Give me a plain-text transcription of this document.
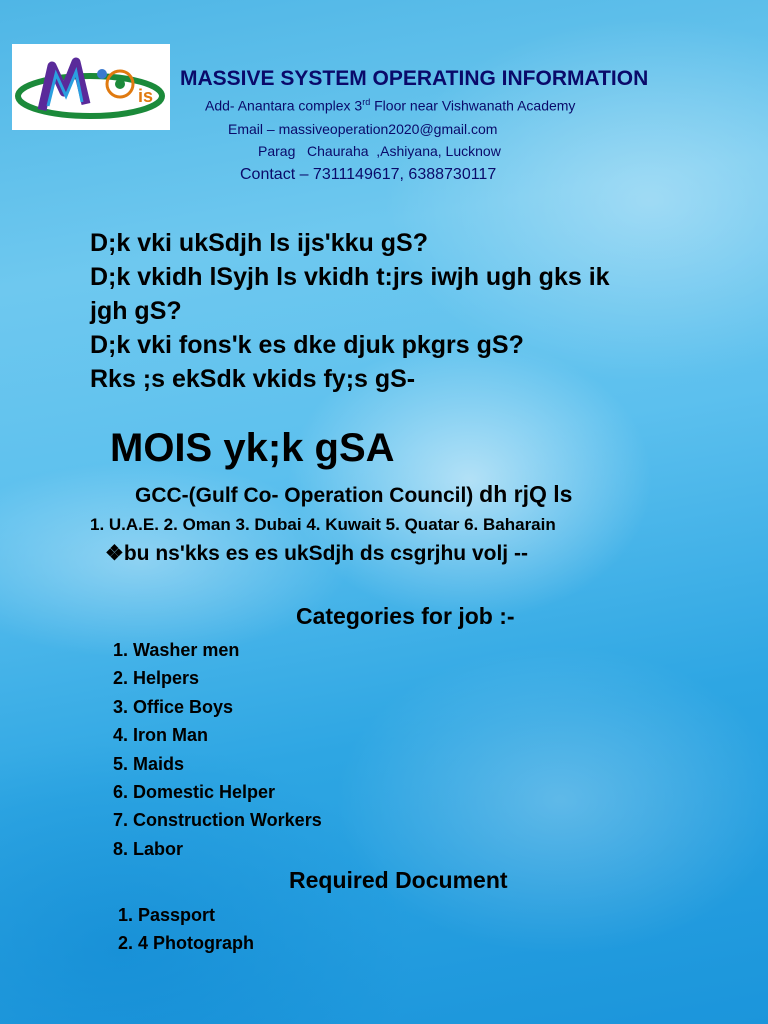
is
MASSIVE SYSTEM OPERATING INFORMATION
Add- Anantara complex 3rd Floor near Vishwanath Academy
Email – massiveoperation2020@gmail.com
Parag   Chauraha  ,Ashiyana, Lucknow
Contact – 7311149617, 6388730117
D;k vki ukSdjh ls ijs'kku gS?
D;k vkidh lSyjh ls vkidh t:jrs iwjh ugh gks ik
jgh gS?
D;k vki fons'k es dke djuk pkgrs gS?
Rks ;s ekSdk vkids fy;s gS-
MOIS yk;k gSA
GCC-(Gulf Co- Operation Council) dh rjQ ls
1. U.A.E. 2. Oman 3. Dubai 4. Kuwait 5. Quatar 6. Baharain
❖bu ns'kks es es ukSdjh ds csgrjhu volj --
Categories for job :-
1. Washer men
2. Helpers
3. Office Boys
4. Iron Man
5. Maids
6. Domestic Helper
7. Construction Workers
8. Labor
Required Document
1. Passport
2. 4 Photograph
